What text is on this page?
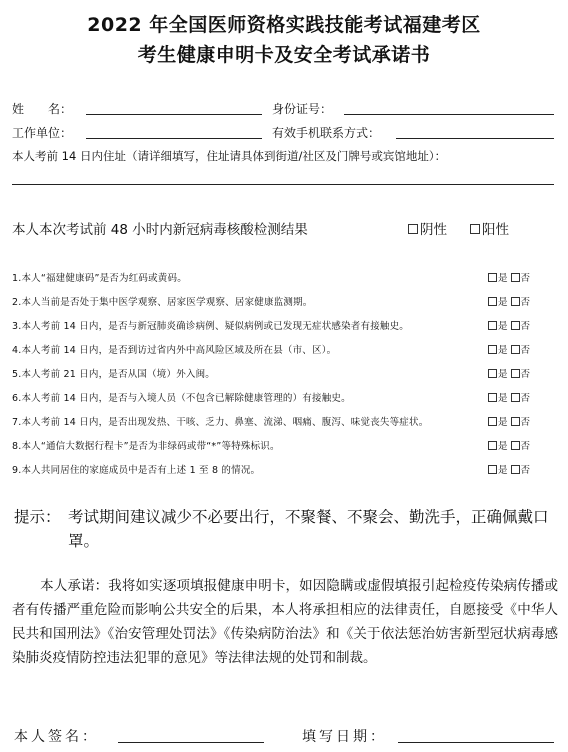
2022 年全国医师资格实践技能考试福建考区
考生健康申明卡及安全考试承诺书
姓　　名：	身份证号：
工作单位：	有效手机联系方式：
本人考前 14 日内住址（请详细填写，住址请具体到街道/社区及门牌号或宾馆地址）：
本人本次考试前 48 小时内新冠病毒核酸检测结果	阴性	阳性
1.本人“福建健康码”是否为红码或黄码。	是 否
2.本人当前是否处于集中医学观察、居家医学观察、居家健康监测期。	是 否
3.本人考前 14 日内，是否与新冠肺炎确诊病例、疑似病例或已发现无症状感染者有接触史。	是 否
4.本人考前 14 日内，是否到访过省内外中高风险区域及所在县（市、区）。	是 否
5.本人考前 21 日内，是否从国（境）外入闽。	是 否
6.本人考前 14 日内，是否与入境人员（不包含已解除健康管理的）有接触史。	是 否
7.本人考前 14 日内，是否出现发热、干咳、乏力、鼻塞、流涕、咽痛、腹泻、味觉丧失等症状。	是 否
8.本人“通信大数据行程卡”是否为非绿码或带“*”等特殊标识。	是 否
9.本人共同居住的家庭成员中是否有上述 1 至 8 的情况。	是 否
提示： 考试期间建议减少不必要出行，不聚餐、不聚会、勤洗手，正确佩戴口罩。
本人承诺：我将如实逐项填报健康申明卡，如因隐瞒或虚假填报引起检疫传染病传播或者有传播严重危险而影响公共安全的后果，本人将承担相应的法律责任，自愿接受《中华人民共和国刑法》《治安管理处罚法》《传染病防治法》和《关于依法惩治妨害新型冠状病毒感染肺炎疫情防控违法犯罪的意见》等法律法规的处罚和制裁。
本人签名：	填写日期：
